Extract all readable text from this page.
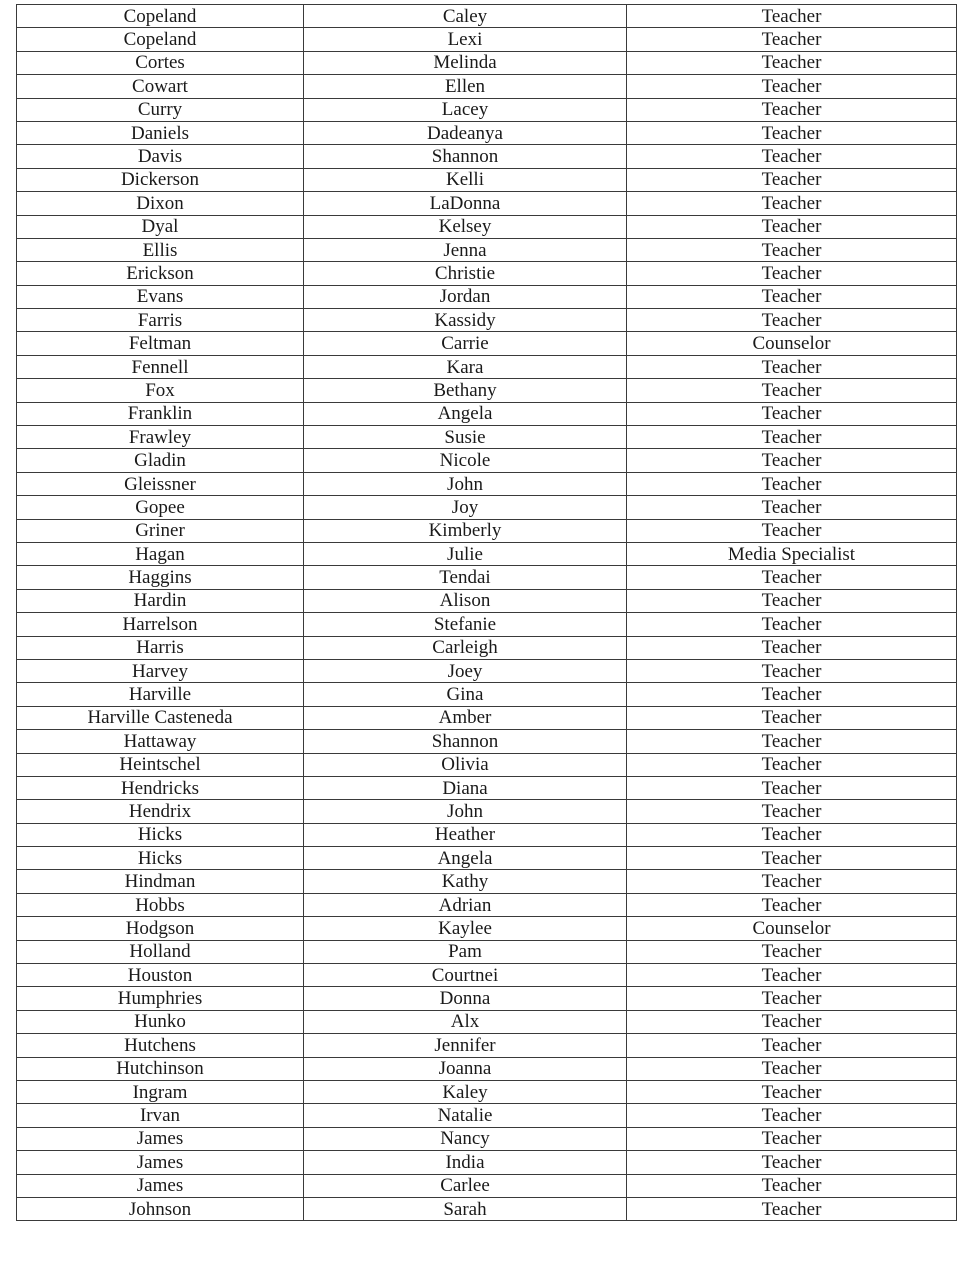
Copeland	Caley	Teacher
Copeland	Lexi	Teacher
Cortes	Melinda	Teacher
Cowart	Ellen	Teacher
Curry	Lacey	Teacher
Daniels	Dadeanya	Teacher
Davis	Shannon	Teacher
Dickerson	Kelli	Teacher
Dixon	LaDonna	Teacher
Dyal	Kelsey	Teacher
Ellis	Jenna	Teacher
Erickson	Christie	Teacher
Evans	Jordan	Teacher
Farris	Kassidy	Teacher
Feltman	Carrie	Counselor
Fennell	Kara	Teacher
Fox	Bethany	Teacher
Franklin	Angela	Teacher
Frawley	Susie	Teacher
Gladin	Nicole	Teacher
Gleissner	John	Teacher
Gopee	Joy	Teacher
Griner	Kimberly	Teacher
Hagan	Julie	Media Specialist
Haggins	Tendai	Teacher
Hardin	Alison	Teacher
Harrelson	Stefanie	Teacher
Harris	Carleigh	Teacher
Harvey	Joey	Teacher
Harville	Gina	Teacher
Harville Casteneda	Amber	Teacher
Hattaway	Shannon	Teacher
Heintschel	Olivia	Teacher
Hendricks	Diana	Teacher
Hendrix	John	Teacher
Hicks	Heather	Teacher
Hicks	Angela	Teacher
Hindman	Kathy	Teacher
Hobbs	Adrian	Teacher
Hodgson	Kaylee	Counselor
Holland	Pam	Teacher
Houston	Courtnei	Teacher
Humphries	Donna	Teacher
Hunko	Alx	Teacher
Hutchens	Jennifer	Teacher
Hutchinson	Joanna	Teacher
Ingram	Kaley	Teacher
Irvan	Natalie	Teacher
James	Nancy	Teacher
James	India	Teacher
James	Carlee	Teacher
Johnson	Sarah	Teacher
